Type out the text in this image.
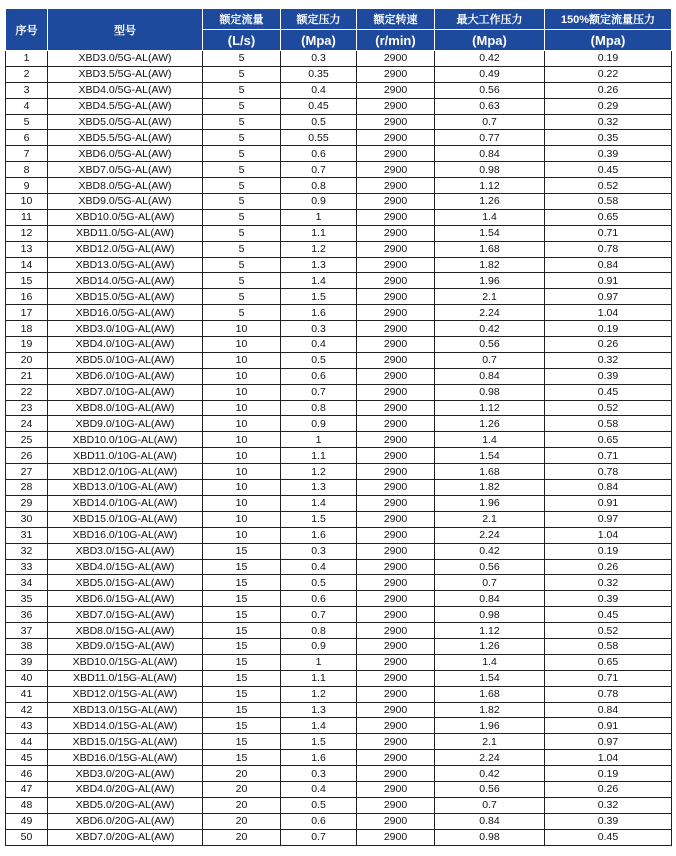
序号	型号	额定流量	额定压力	额定转速	最大工作压力	150%额定流量压力
		(L/s)	(Mpa)	(r/min)	(Mpa)	(Mpa)
1	XBD3.0/5G-AL(AW)	5	0.3	2900	0.42	0.19
2	XBD3.5/5G-AL(AW)	5	0.35	2900	0.49	0.22
3	XBD4.0/5G-AL(AW)	5	0.4	2900	0.56	0.26
4	XBD4.5/5G-AL(AW)	5	0.45	2900	0.63	0.29
5	XBD5.0/5G-AL(AW)	5	0.5	2900	0.7	0.32
6	XBD5.5/5G-AL(AW)	5	0.55	2900	0.77	0.35
7	XBD6.0/5G-AL(AW)	5	0.6	2900	0.84	0.39
8	XBD7.0/5G-AL(AW)	5	0.7	2900	0.98	0.45
9	XBD8.0/5G-AL(AW)	5	0.8	2900	1.12	0.52
10	XBD9.0/5G-AL(AW)	5	0.9	2900	1.26	0.58
11	XBD10.0/5G-AL(AW)	5	1	2900	1.4	0.65
12	XBD11.0/5G-AL(AW)	5	1.1	2900	1.54	0.71
13	XBD12.0/5G-AL(AW)	5	1.2	2900	1.68	0.78
14	XBD13.0/5G-AL(AW)	5	1.3	2900	1.82	0.84
15	XBD14.0/5G-AL(AW)	5	1.4	2900	1.96	0.91
16	XBD15.0/5G-AL(AW)	5	1.5	2900	2.1	0.97
17	XBD16.0/5G-AL(AW)	5	1.6	2900	2.24	1.04
18	XBD3.0/10G-AL(AW)	10	0.3	2900	0.42	0.19
19	XBD4.0/10G-AL(AW)	10	0.4	2900	0.56	0.26
20	XBD5.0/10G-AL(AW)	10	0.5	2900	0.7	0.32
21	XBD6.0/10G-AL(AW)	10	0.6	2900	0.84	0.39
22	XBD7.0/10G-AL(AW)	10	0.7	2900	0.98	0.45
23	XBD8.0/10G-AL(AW)	10	0.8	2900	1.12	0.52
24	XBD9.0/10G-AL(AW)	10	0.9	2900	1.26	0.58
25	XBD10.0/10G-AL(AW)	10	1	2900	1.4	0.65
26	XBD11.0/10G-AL(AW)	10	1.1	2900	1.54	0.71
27	XBD12.0/10G-AL(AW)	10	1.2	2900	1.68	0.78
28	XBD13.0/10G-AL(AW)	10	1.3	2900	1.82	0.84
29	XBD14.0/10G-AL(AW)	10	1.4	2900	1.96	0.91
30	XBD15.0/10G-AL(AW)	10	1.5	2900	2.1	0.97
31	XBD16.0/10G-AL(AW)	10	1.6	2900	2.24	1.04
32	XBD3.0/15G-AL(AW)	15	0.3	2900	0.42	0.19
33	XBD4.0/15G-AL(AW)	15	0.4	2900	0.56	0.26
34	XBD5.0/15G-AL(AW)	15	0.5	2900	0.7	0.32
35	XBD6.0/15G-AL(AW)	15	0.6	2900	0.84	0.39
36	XBD7.0/15G-AL(AW)	15	0.7	2900	0.98	0.45
37	XBD8.0/15G-AL(AW)	15	0.8	2900	1.12	0.52
38	XBD9.0/15G-AL(AW)	15	0.9	2900	1.26	0.58
39	XBD10.0/15G-AL(AW)	15	1	2900	1.4	0.65
40	XBD11.0/15G-AL(AW)	15	1.1	2900	1.54	0.71
41	XBD12.0/15G-AL(AW)	15	1.2	2900	1.68	0.78
42	XBD13.0/15G-AL(AW)	15	1.3	2900	1.82	0.84
43	XBD14.0/15G-AL(AW)	15	1.4	2900	1.96	0.91
44	XBD15.0/15G-AL(AW)	15	1.5	2900	2.1	0.97
45	XBD16.0/15G-AL(AW)	15	1.6	2900	2.24	1.04
46	XBD3.0/20G-AL(AW)	20	0.3	2900	0.42	0.19
47	XBD4.0/20G-AL(AW)	20	0.4	2900	0.56	0.26
48	XBD5.0/20G-AL(AW)	20	0.5	2900	0.7	0.32
49	XBD6.0/20G-AL(AW)	20	0.6	2900	0.84	0.39
50	XBD7.0/20G-AL(AW)	20	0.7	2900	0.98	0.45
